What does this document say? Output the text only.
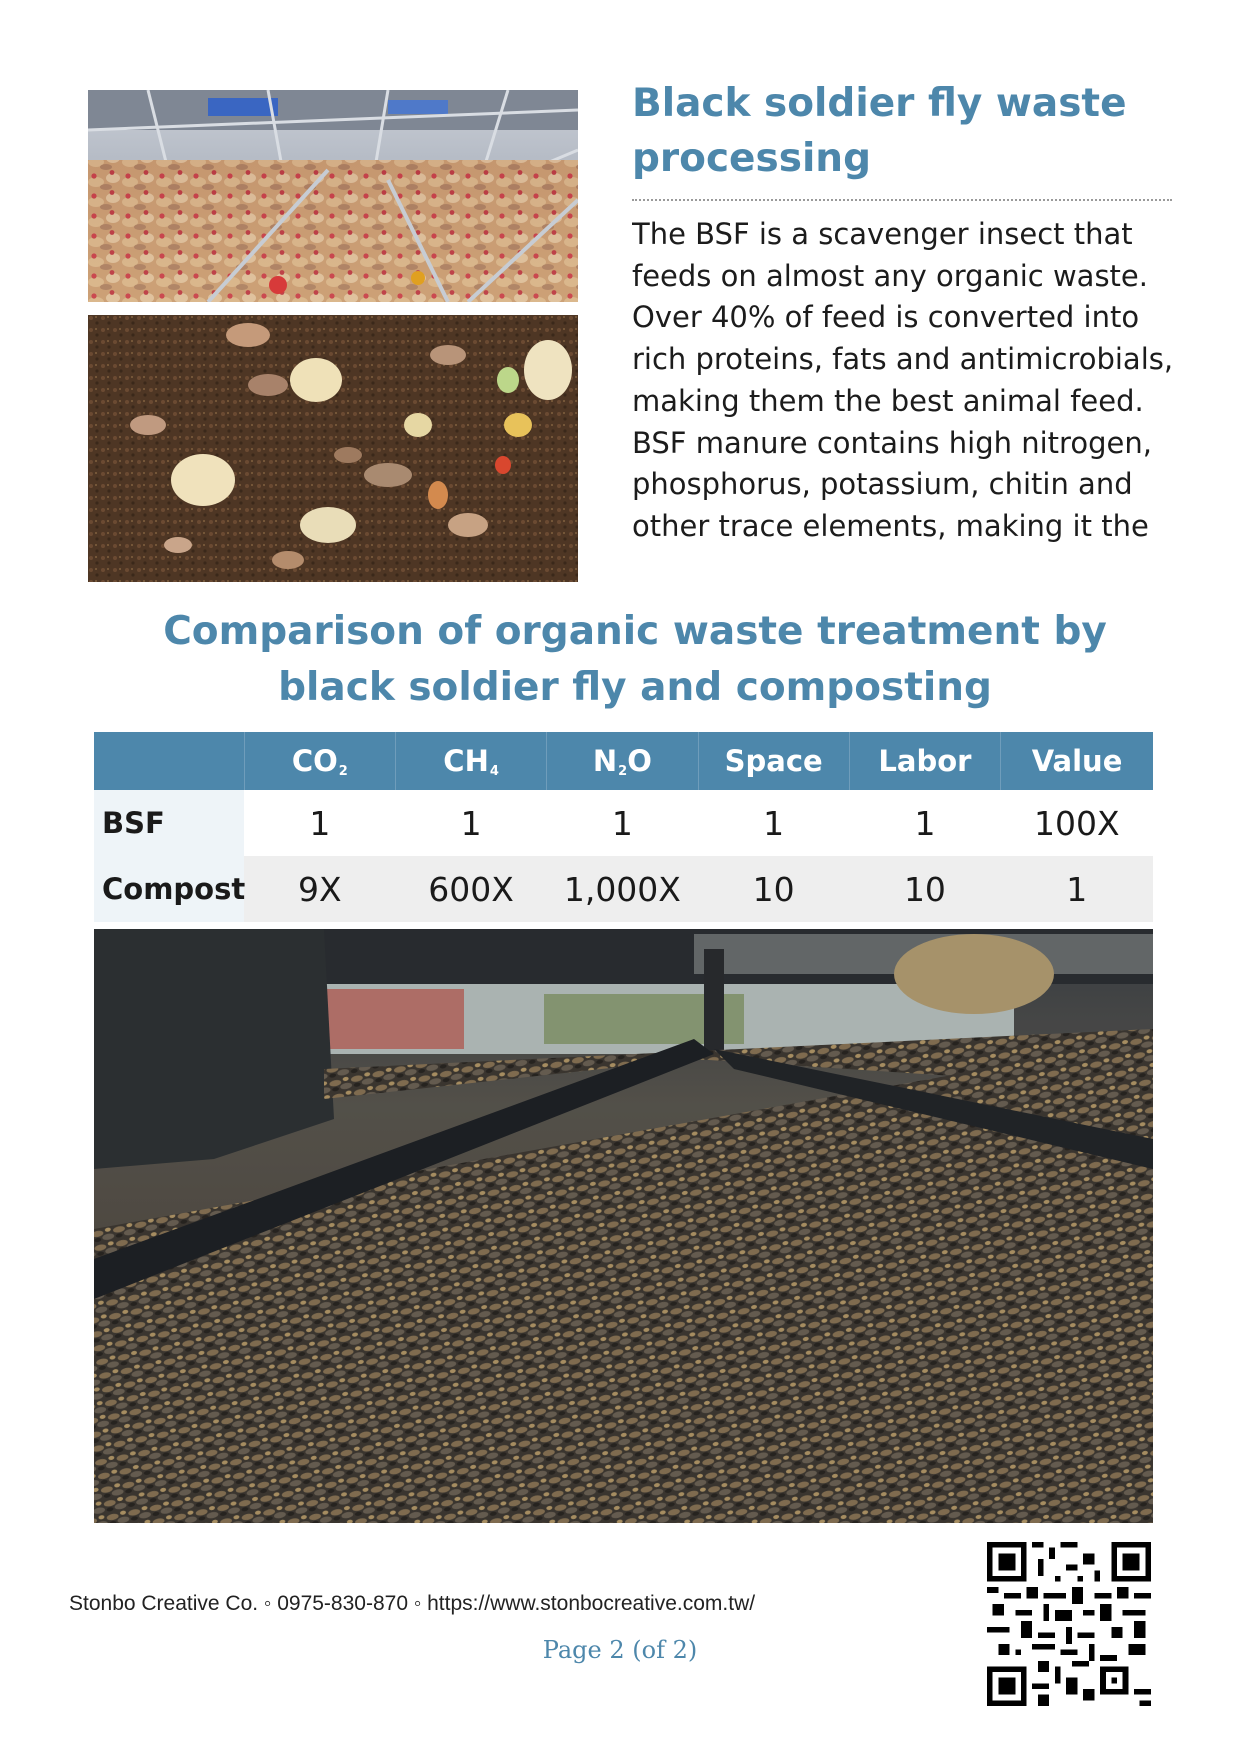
Black soldier fly waste processing

The BSF is a scavenger insect that feeds on almost any organic waste. Over 40% of feed is converted into rich proteins, fats and antimicrobials, making them the best animal feed. BSF manure contains high nitrogen, phosphorus, potassium, chitin and other trace elements, making it the

Comparison of organic waste treatment by black soldier fly and composting
	$CO_2$	$CH_4$	$N_2O$	Space	Labor	Value
BSF	1	1	1	1	1	100X
Compost	9X	600X	1,000X	10	10	1

Stonbo Creative Co. ◦ 0975-830-870 ◦ https://www.stonbocreative.com.tw/

Page 2 (of 2)
